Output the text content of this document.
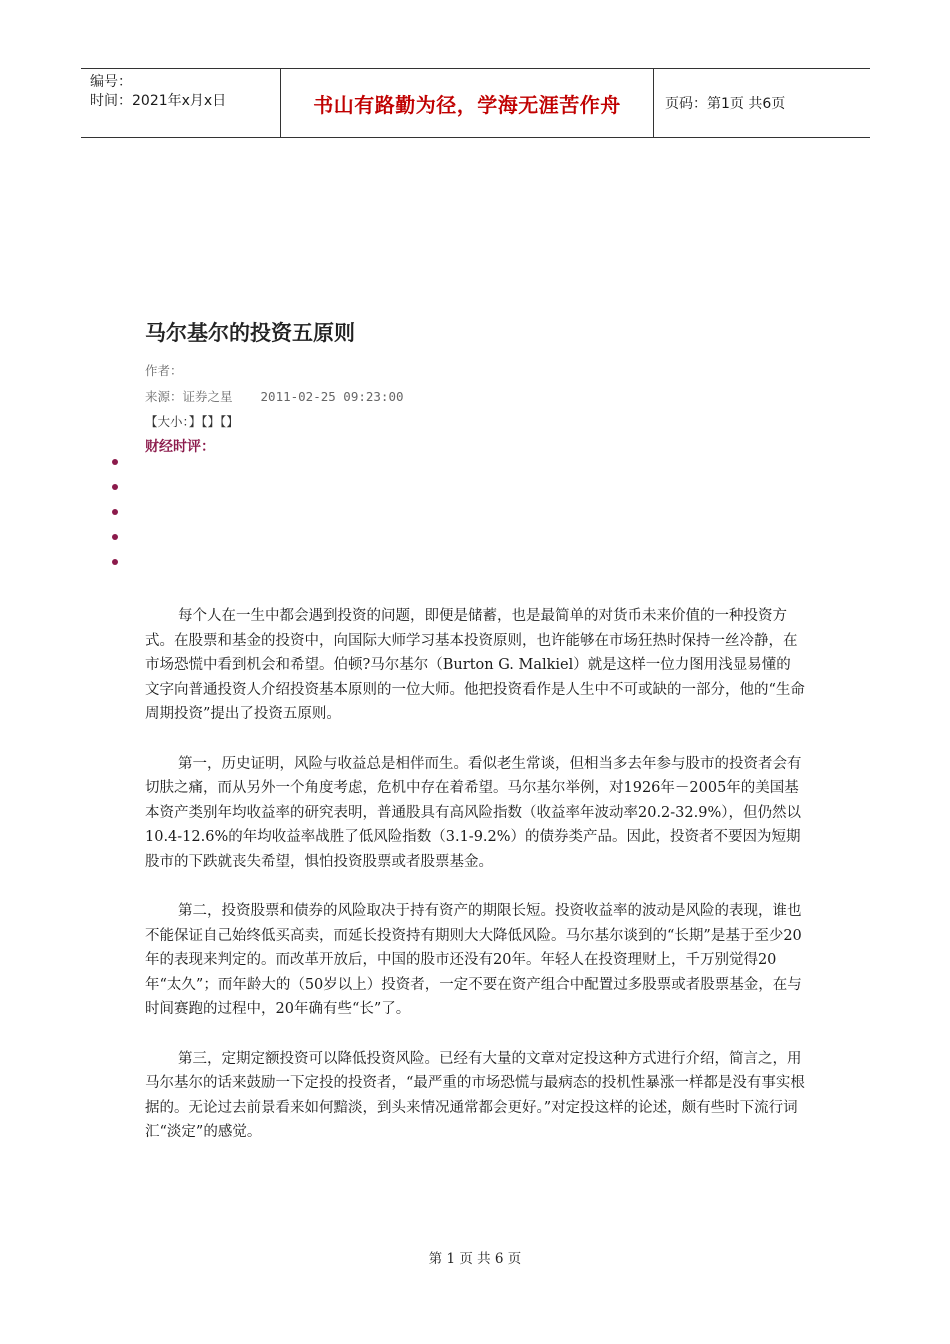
编号：
时间：2021年x月x日	书山有路勤为径，学海无涯苦作舟	页码：第1页 共6页
马尔基尔的投资五原则
作者：
来源：证券之星 2011-02-25 09:23:00
【大小：】【】【】
财经时评：

每个人在一生中都会遇到投资的问题，即便是储蓄，也是最简单的对货币未来价值的一种投资方式。在股票和基金的投资中，向国际大师学习基本投资原则，也许能够在市场狂热时保持一丝冷静，在市场恐慌中看到机会和希望。伯顿?马尔基尔（Burton G. Malkiel）就是这样一位力图用浅显易懂的文字向普通投资人介绍投资基本原则的一位大师。他把投资看作是人生中不可或缺的一部分，他的“生命周期投资”提出了投资五原则。

第一，历史证明，风险与收益总是相伴而生。看似老生常谈，但相当多去年参与股市的投资者会有切肤之痛，而从另外一个角度考虑，危机中存在着希望。马尔基尔举例，对1926年－2005年的美国基本资产类别年均收益率的研究表明，普通股具有高风险指数（收益率年波动率20.2-32.9%），但仍然以10.4-12.6%的年均收益率战胜了低风险指数（3.1-9.2%）的债券类产品。因此，投资者不要因为短期股市的下跌就丧失希望，惧怕投资股票或者股票基金。

第二，投资股票和债券的风险取决于持有资产的期限长短。投资收益率的波动是风险的表现，谁也不能保证自己始终低买高卖，而延长投资持有期则大大降低风险。马尔基尔谈到的“长期”是基于至少20年的表现来判定的。而改革开放后，中国的股市还没有20年。年轻人在投资理财上，千万别觉得20年“太久”；而年龄大的（50岁以上）投资者，一定不要在资产组合中配置过多股票或者股票基金，在与时间赛跑的过程中，20年确有些“长”了。

第三，定期定额投资可以降低投资风险。已经有大量的文章对定投这种方式进行介绍，简言之，用马尔基尔的话来鼓励一下定投的投资者，“最严重的市场恐慌与最病态的投机性暴涨一样都是没有事实根据的。无论过去前景看来如何黯淡，到头来情况通常都会更好。”对定投这样的论述，颇有些时下流行词汇“淡定”的感觉。

第 1 页 共 6 页
